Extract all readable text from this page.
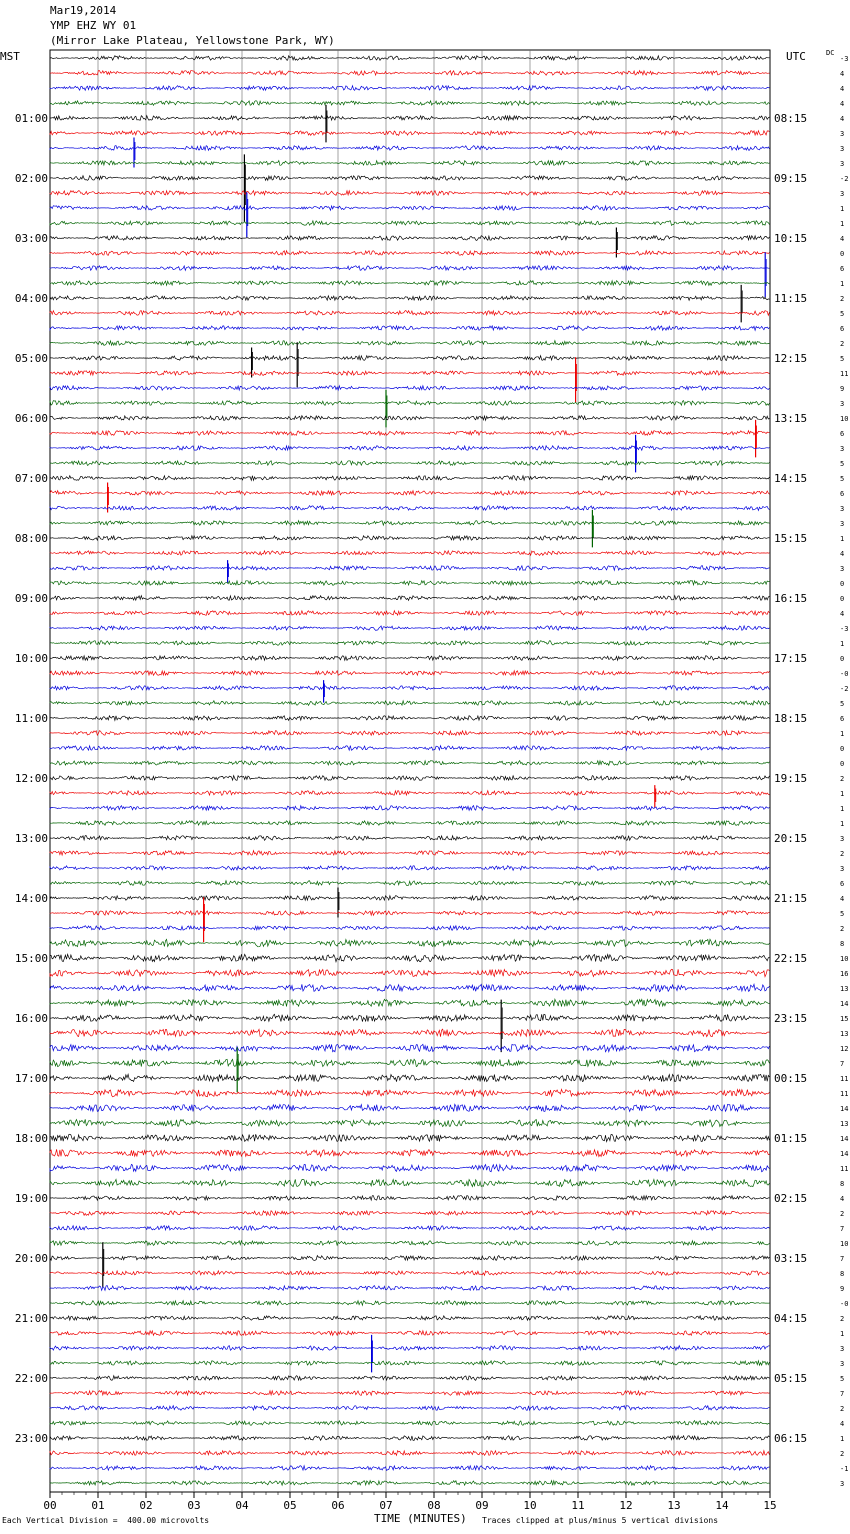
Mar19,2014
YMP EHZ WY 01
(Mirror Lake Plateau, Yellowstone Park, WY)
MST	UTC	DC
-3
4
4
4
4
3
3
3
-2
3
1
1
4
0
6
1
2
5
6
2
5
11
9
3
10
6
3
5
5
6
3
3
1
4
3
0
0
4
-3
1
0
-0
-2
5
6
1
0
0
2
1
1
1
3
2
3
6
4
5
2
8
10
16
13
14
15
13
12
7
11
11
14
13
14
14
11
8
4
2
7
10
7
8
9
-0
2
1
3
3
5
7
2
4
1
2
-1
3
01:00
02:00
03:00
04:00
05:00
06:00
07:00
08:00
09:00
10:00
11:00
12:00
13:00
14:00
15:00
16:00
17:00
18:00
19:00
20:00
21:00
22:00
23:00
08:15
09:15
10:15
11:15
12:15
13:15
14:15
15:15
16:15
17:15
18:15
19:15
20:15
21:15
22:15
23:15
00:15
01:15
02:15
03:15
04:15
05:15
06:15
00	01	02	03	04	05	06	07	08	09	10	11	12	13	14	15
Each Vertical Division =  400.00 microvolts	TIME (MINUTES) Traces clipped at plus/minus 5 vertical divisions
